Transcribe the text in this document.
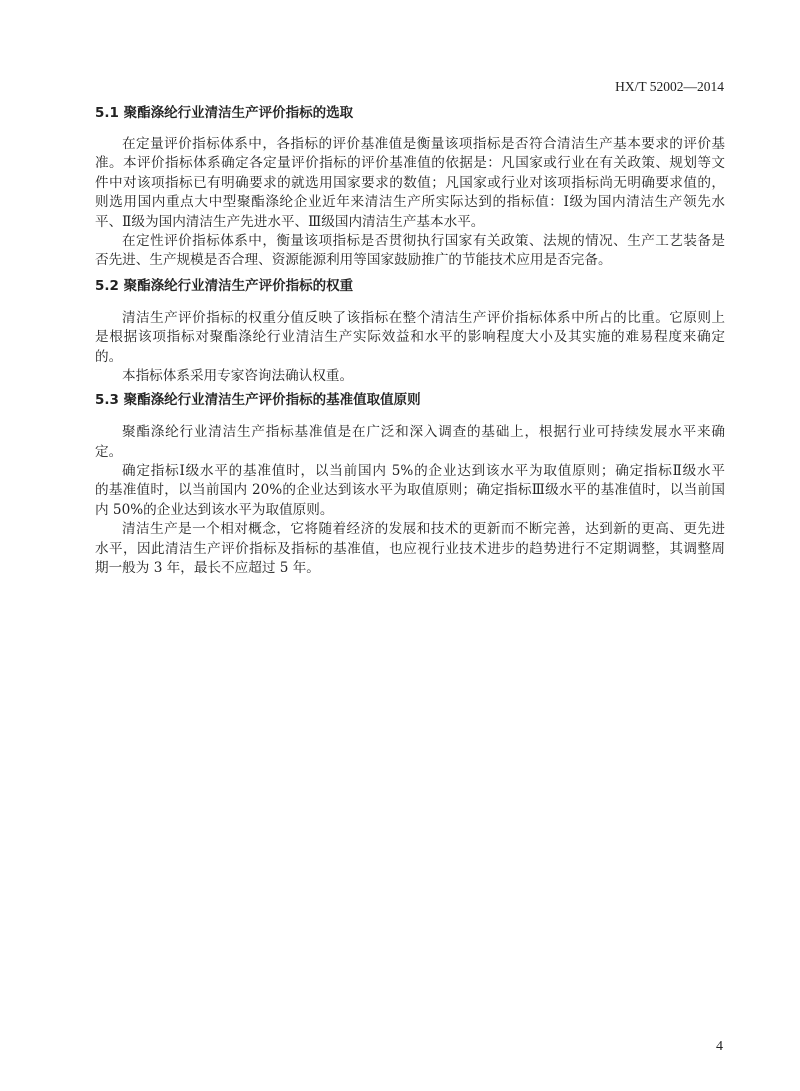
HX/T 52002—2014
5.1 聚酯涤纶行业清洁生产评价指标的选取
在定量评价指标体系中，各指标的评价基准值是衡量该项指标是否符合清洁生产基本要求的评价基
准。本评价指标体系确定各定量评价指标的评价基准值的依据是：凡国家或行业在有关政策、规划等文
件中对该项指标已有明确要求的就选用国家要求的数值；凡国家或行业对该项指标尚无明确要求值的，
则选用国内重点大中型聚酯涤纶企业近年来清洁生产所实际达到的指标值：Ⅰ级为国内清洁生产领先水
平、Ⅱ级为国内清洁生产先进水平、Ⅲ级国内清洁生产基本水平。
在定性评价指标体系中，衡量该项指标是否贯彻执行国家有关政策、法规的情况、生产工艺装备是
否先进、生产规模是否合理、资源能源利用等国家鼓励推广的节能技术应用是否完备。
5.2 聚酯涤纶行业清洁生产评价指标的权重
清洁生产评价指标的权重分值反映了该指标在整个清洁生产评价指标体系中所占的比重。它原则上
是根据该项指标对聚酯涤纶行业清洁生产实际效益和水平的影响程度大小及其实施的难易程度来确定
的。
本指标体系采用专家咨询法确认权重。
5.3 聚酯涤纶行业清洁生产评价指标的基准值取值原则
聚酯涤纶行业清洁生产指标基准值是在广泛和深入调查的基础上，根据行业可持续发展水平来确
定。
确定指标Ⅰ级水平的基准值时，以当前国内 5%的企业达到该水平为取值原则；确定指标Ⅱ级水平
的基准值时，以当前国内 20%的企业达到该水平为取值原则；确定指标Ⅲ级水平的基准值时，以当前国
内 50%的企业达到该水平为取值原则。
清洁生产是一个相对概念，它将随着经济的发展和技术的更新而不断完善，达到新的更高、更先进
水平，因此清洁生产评价指标及指标的基准值，也应视行业技术进步的趋势进行不定期调整，其调整周
期一般为 3 年，最长不应超过 5 年。
4
